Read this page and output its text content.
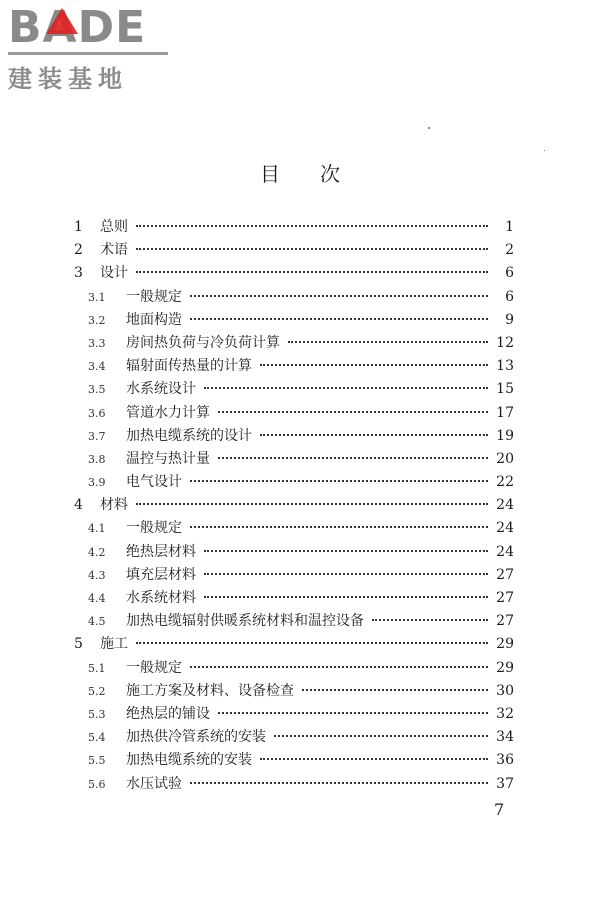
BADE
建装基地
目次
1	总则	1
2	术语	2
3	设计	6
3.1	一般规定	6
3.2	地面构造	9
3.3	房间热负荷与冷负荷计算	12
3.4	辐射面传热量的计算	13
3.5	水系统设计	15
3.6	管道水力计算	17
3.7	加热电缆系统的设计	19
3.8	温控与热计量	20
3.9	电气设计	22
4	材料	24
4.1	一般规定	24
4.2	绝热层材料	24
4.3	填充层材料	27
4.4	水系统材料	27
4.5	加热电缆辐射供暖系统材料和温控设备	27
5	施工	29
5.1	一般规定	29
5.2	施工方案及材料、设备检查	30
5.3	绝热层的铺设	32
5.4	加热供冷管系统的安装	34
5.5	加热电缆系统的安装	36
5.6	水压试验	37
7
